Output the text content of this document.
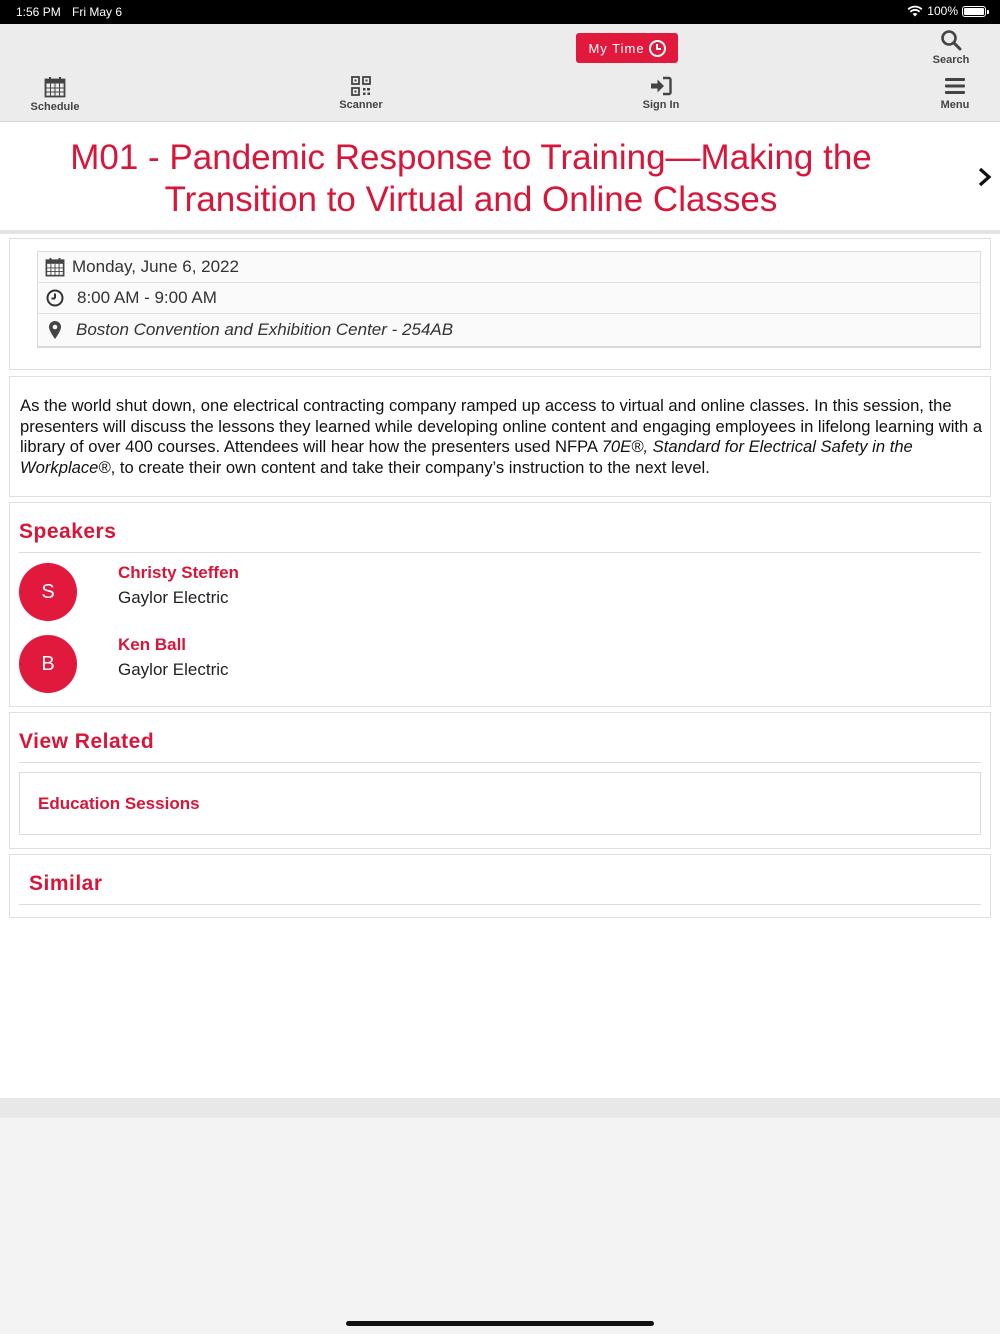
1:56 PM Fri May 6	100%
My Time
Search
Schedule	Scanner	Sign In	Menu
M01 - Pandemic Response to Training—Making the Transition to Virtual and Online Classes
Monday, June 6, 2022
8:00 AM - 9:00 AM
Boston Convention and Exhibition Center - 254AB

As the world shut down, one electrical contracting company ramped up access to virtual and online classes. In this session, the presenters will discuss the lessons they learned while developing online content and engaging employees in lifelong learning with a library of over 400 courses. Attendees will hear how the presenters used NFPA 70E®, Standard for Electrical Safety in the Workplace®, to create their own content and take their company’s instruction to the next level.

Speakers
S
Christy Steffen
Gaylor Electric
B
Ken Ball
Gaylor Electric
View Related
Education Sessions
Similar
